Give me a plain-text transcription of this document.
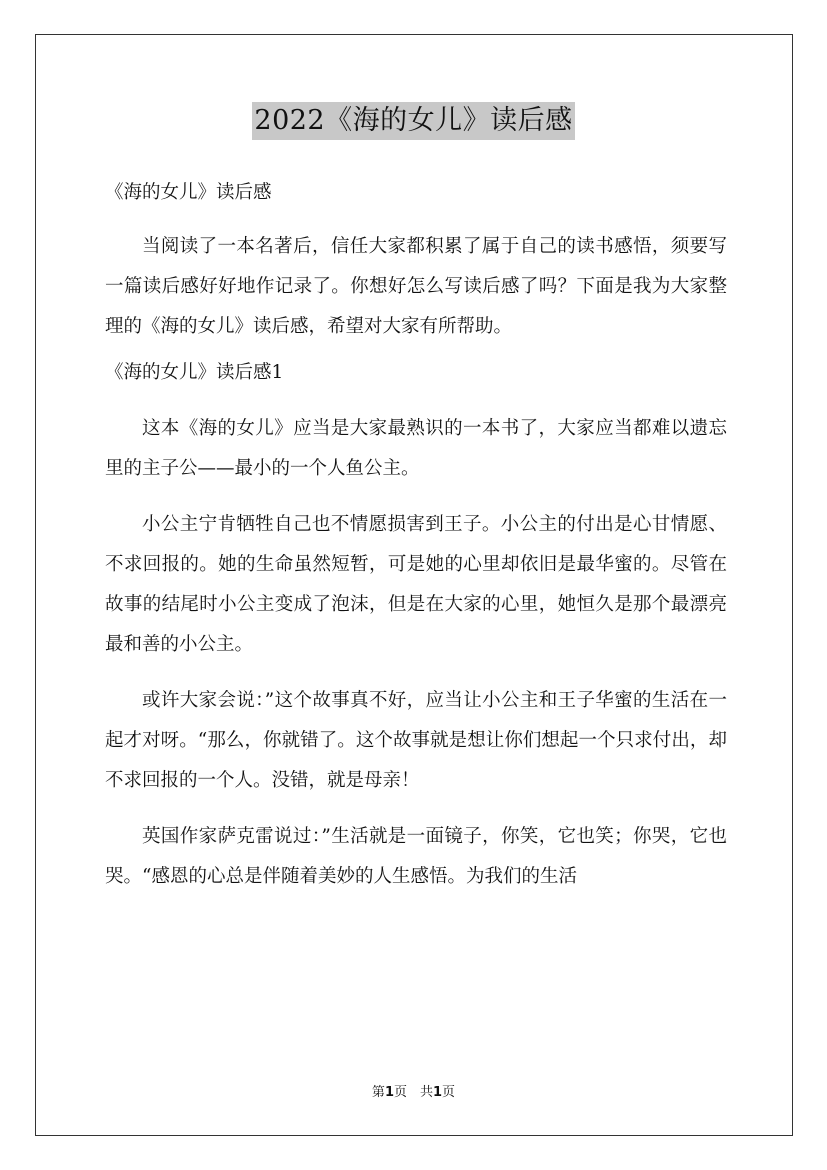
2022《海的女儿》读后感
《海的女儿》读后感

当阅读了一本名著后，信任大家都积累了属于自己的读书感悟，须要写一篇读后感好好地作记录了。你想好怎么写读后感了吗？下面是我为大家整理的《海的女儿》读后感，希望对大家有所帮助。

《海的女儿》读后感1

这本《海的女儿》应当是大家最熟识的一本书了，大家应当都难以遗忘里的主子公——最小的一个人鱼公主。

小公主宁肯牺牲自己也不情愿损害到王子。小公主的付出是心甘情愿、不求回报的。她的生命虽然短暂，可是她的心里却依旧是最华蜜的。尽管在故事的结尾时小公主变成了泡沫，但是在大家的心里，她恒久是那个最漂亮最和善的小公主。

或许大家会说：”这个故事真不好，应当让小公主和王子华蜜的生活在一起才对呀。“那么，你就错了。这个故事就是想让你们想起一个只求付出，却不求回报的一个人。没错，就是母亲！

英国作家萨克雷说过：”生活就是一面镜子，你笑，它也笑；你哭，它也哭。“感恩的心总是伴随着美妙的人生感悟。为我们的生活

第1页　共1页
